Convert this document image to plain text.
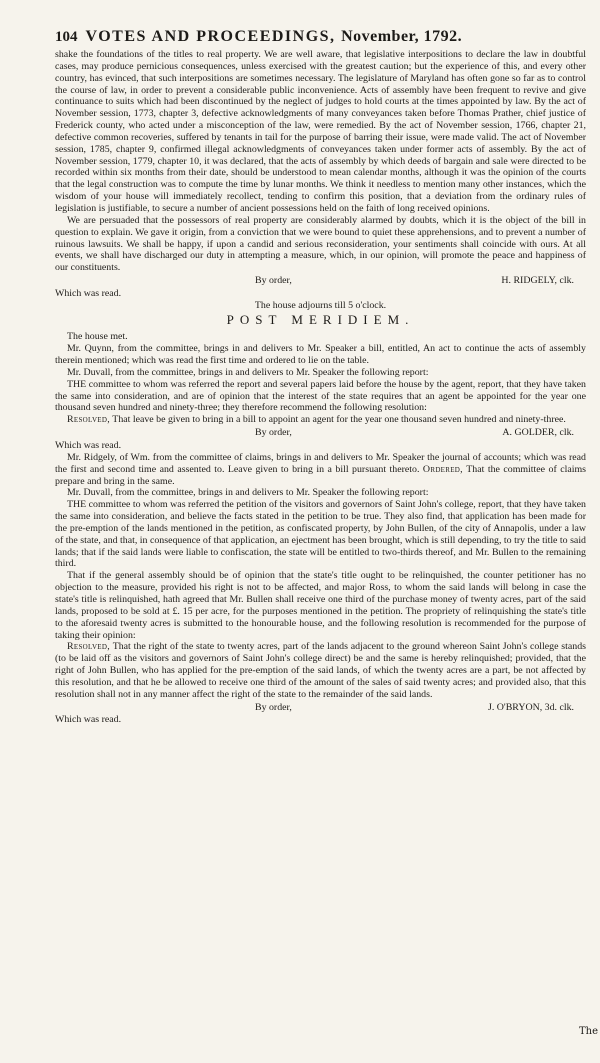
104 VOTES AND PROCEEDINGS, November, 1792.

shake the foundations of the titles to real property. We are well aware, that legislative interpositions to declare the law in doubtful cases, may produce pernicious consequences, unless exercised with the greatest caution; but the experience of this, and every other country, has evinced, that such interpositions are sometimes necessary. The legislature of Maryland has often gone so far as to control the course of law, in order to prevent a considerable public inconvenience. Acts of assembly have been frequent to revive and give continuance to suits which had been discontinued by the neglect of judges to hold courts at the times appointed by law. By the act of November session, 1773, chapter 3, defective acknowledgments of many conveyances taken before Thomas Prather, chief justice of Frederick county, who acted under a misconception of the law, were remedied. By the act of November session, 1766, chapter 21, defective common recoveries, suffered by tenants in tail for the purpose of barring their issue, were made valid. The act of November session, 1785, chapter 9, confirmed illegal acknowledgments of conveyances taken under former acts of assembly. By the act of November session, 1779, chapter 10, it was declared, that the acts of assembly by which deeds of bargain and sale were directed to be recorded within six months from their date, should be understood to mean calendar months, although it was the opinion of the courts that the legal construction was to compute the time by lunar months. We think it needless to mention many other instances, which the wisdom of your house will immediately recollect, tending to confirm this position, that a deviation from the ordinary rules of legislation is justifiable, to secure a number of ancient possessions held on the faith of long received opinions.

We are persuaded that the possessors of real property are considerably alarmed by doubts, which it is the object of the bill in question to explain. We gave it origin, from a conviction that we were bound to quiet these apprehensions, and to prevent a number of ruinous lawsuits. We shall be happy, if upon a candid and serious reconsideration, your sentiments shall coincide with ours. At all events, we shall have discharged our duty in attempting a measure, which, in our opinion, will promote the peace and happiness of our constituents.

By order,	H. RIDGELY, clk.

Which was read.

The house adjourns till 5 o'clock.

POST MERIDIEM.

The house met.

Mr. Quynn, from the committee, brings in and delivers to Mr. Speaker a bill, entitled, An act to continue the acts of assembly therein mentioned; which was read the first time and ordered to lie on the table.

Mr. Duvall, from the committee, brings in and delivers to Mr. Speaker the following report:

THE committee to whom was referred the report and several papers laid before the house by the agent, report, that they have taken the same into consideration, and are of opinion that the interest of the state requires that an agent be appointed for the year one thousand seven hundred and ninety-three; they therefore recommend the following resolution:

Resolved, That leave be given to bring in a bill to appoint an agent for the year one thousand seven hundred and ninety-three.

By order,	A. GOLDER, clk.

Which was read.

Mr. Ridgely, of Wm. from the committee of claims, brings in and delivers to Mr. Speaker the journal of accounts; which was read the first and second time and assented to. Leave given to bring in a bill pursuant thereto. Ordered, That the committee of claims prepare and bring in the same.

Mr. Duvall, from the committee, brings in and delivers to Mr. Speaker the following report:

THE committee to whom was referred the petition of the visitors and governors of Saint John's college, report, that they have taken the same into consideration, and believe the facts stated in the petition to be true. They also find, that application has been made for the pre-emption of the lands mentioned in the petition, as confiscated property, by John Bullen, of the city of Annapolis, under a law of the state, and that, in consequence of that application, an ejectment has been brought, which is still depending, to try the title to said lands; that if the said lands were liable to confiscation, the state will be entitled to two-thirds thereof, and Mr. Bullen to the remaining third.

That if the general assembly should be of opinion that the state's title ought to be relinquished, the counter petitioner has no objection to the measure, provided his right is not to be affected, and major Ross, to whom the said lands will belong in case the state's title is relinquished, hath agreed that Mr. Bullen shall receive one third of the purchase money of twenty acres, part of the said lands, proposed to be sold at £. 15 per acre, for the purposes mentioned in the petition. The propriety of relinquishing the state's title to the aforesaid twenty acres is submitted to the honourable house, and the following resolution is recommended for the purpose of taking their opinion:

Resolved, That the right of the state to twenty acres, part of the lands adjacent to the ground whereon Saint John's college stands (to be laid off as the visitors and governors of Saint John's college direct) be and the same is hereby relinquished; provided, that the right of John Bullen, who has applied for the pre-emption of the said lands, of which the twenty acres are a part, be not affected by this resolution, and that he be allowed to receive one third of the amount of the sales of said twenty acres; and provided also, that this resolution shall not in any manner affect the right of the state to the remainder of the said lands.

By order,	J. O'BRYON, 3d. clk.

Which was read.

The
